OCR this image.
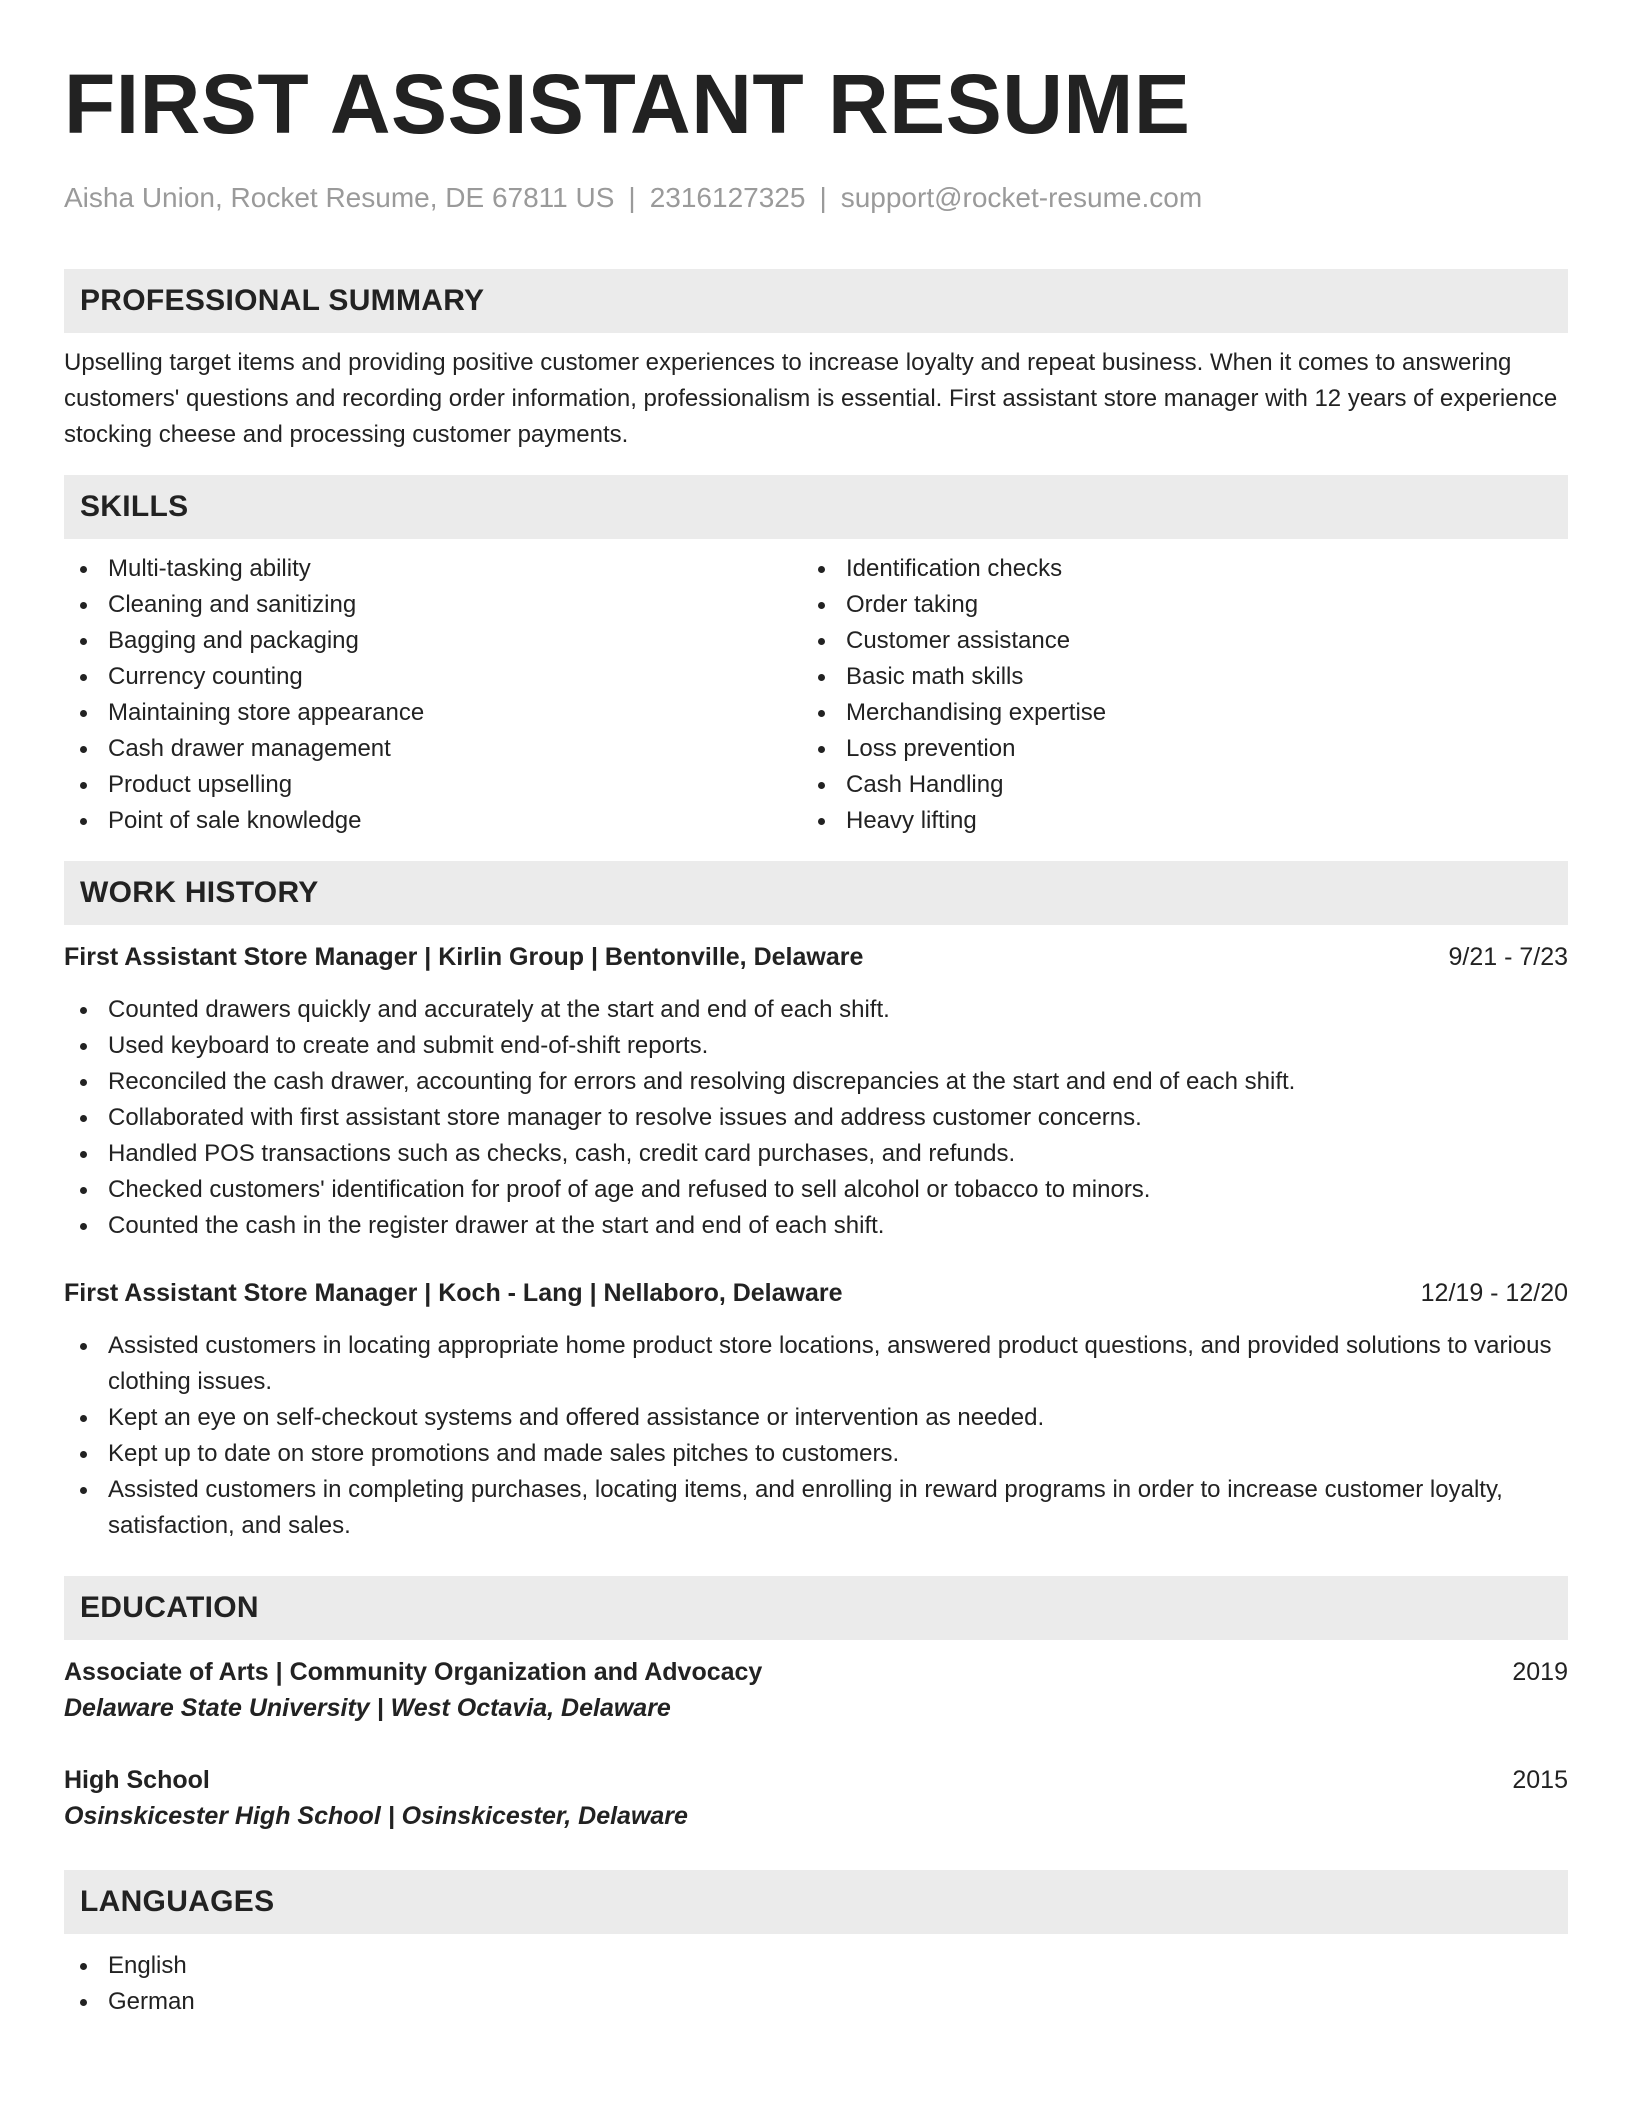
FIRST ASSISTANT RESUME
Aisha Union, Rocket Resume, DE 67811 US | 2316127325 | support@rocket-resume.com
PROFESSIONAL SUMMARY
Upselling target items and providing positive customer experiences to increase loyalty and repeat business. When it comes to answering customers' questions and recording order information, professionalism is essential. First assistant store manager with 12 years of experience stocking cheese and processing customer payments.
SKILLS
Multi-tasking ability
Cleaning and sanitizing
Bagging and packaging
Currency counting
Maintaining store appearance
Cash drawer management
Product upselling
Point of sale knowledge
Identification checks
Order taking
Customer assistance
Basic math skills
Merchandising expertise
Loss prevention
Cash Handling
Heavy lifting
WORK HISTORY
First Assistant Store Manager | Kirlin Group | Bentonville, Delaware	9/21 - 7/23
Counted drawers quickly and accurately at the start and end of each shift.
Used keyboard to create and submit end-of-shift reports.
Reconciled the cash drawer, accounting for errors and resolving discrepancies at the start and end of each shift.
Collaborated with first assistant store manager to resolve issues and address customer concerns.
Handled POS transactions such as checks, cash, credit card purchases, and refunds.
Checked customers' identification for proof of age and refused to sell alcohol or tobacco to minors.
Counted the cash in the register drawer at the start and end of each shift.
First Assistant Store Manager | Koch - Lang | Nellaboro, Delaware	12/19 - 12/20
Assisted customers in locating appropriate home product store locations, answered product questions, and provided solutions to various clothing issues.
Kept an eye on self-checkout systems and offered assistance or intervention as needed.
Kept up to date on store promotions and made sales pitches to customers.
Assisted customers in completing purchases, locating items, and enrolling in reward programs in order to increase customer loyalty, satisfaction, and sales.
EDUCATION
Associate of Arts | Community Organization and Advocacy	2019
Delaware State University | West Octavia, Delaware
High School	2015
Osinskicester High School | Osinskicester, Delaware
LANGUAGES
English
German
